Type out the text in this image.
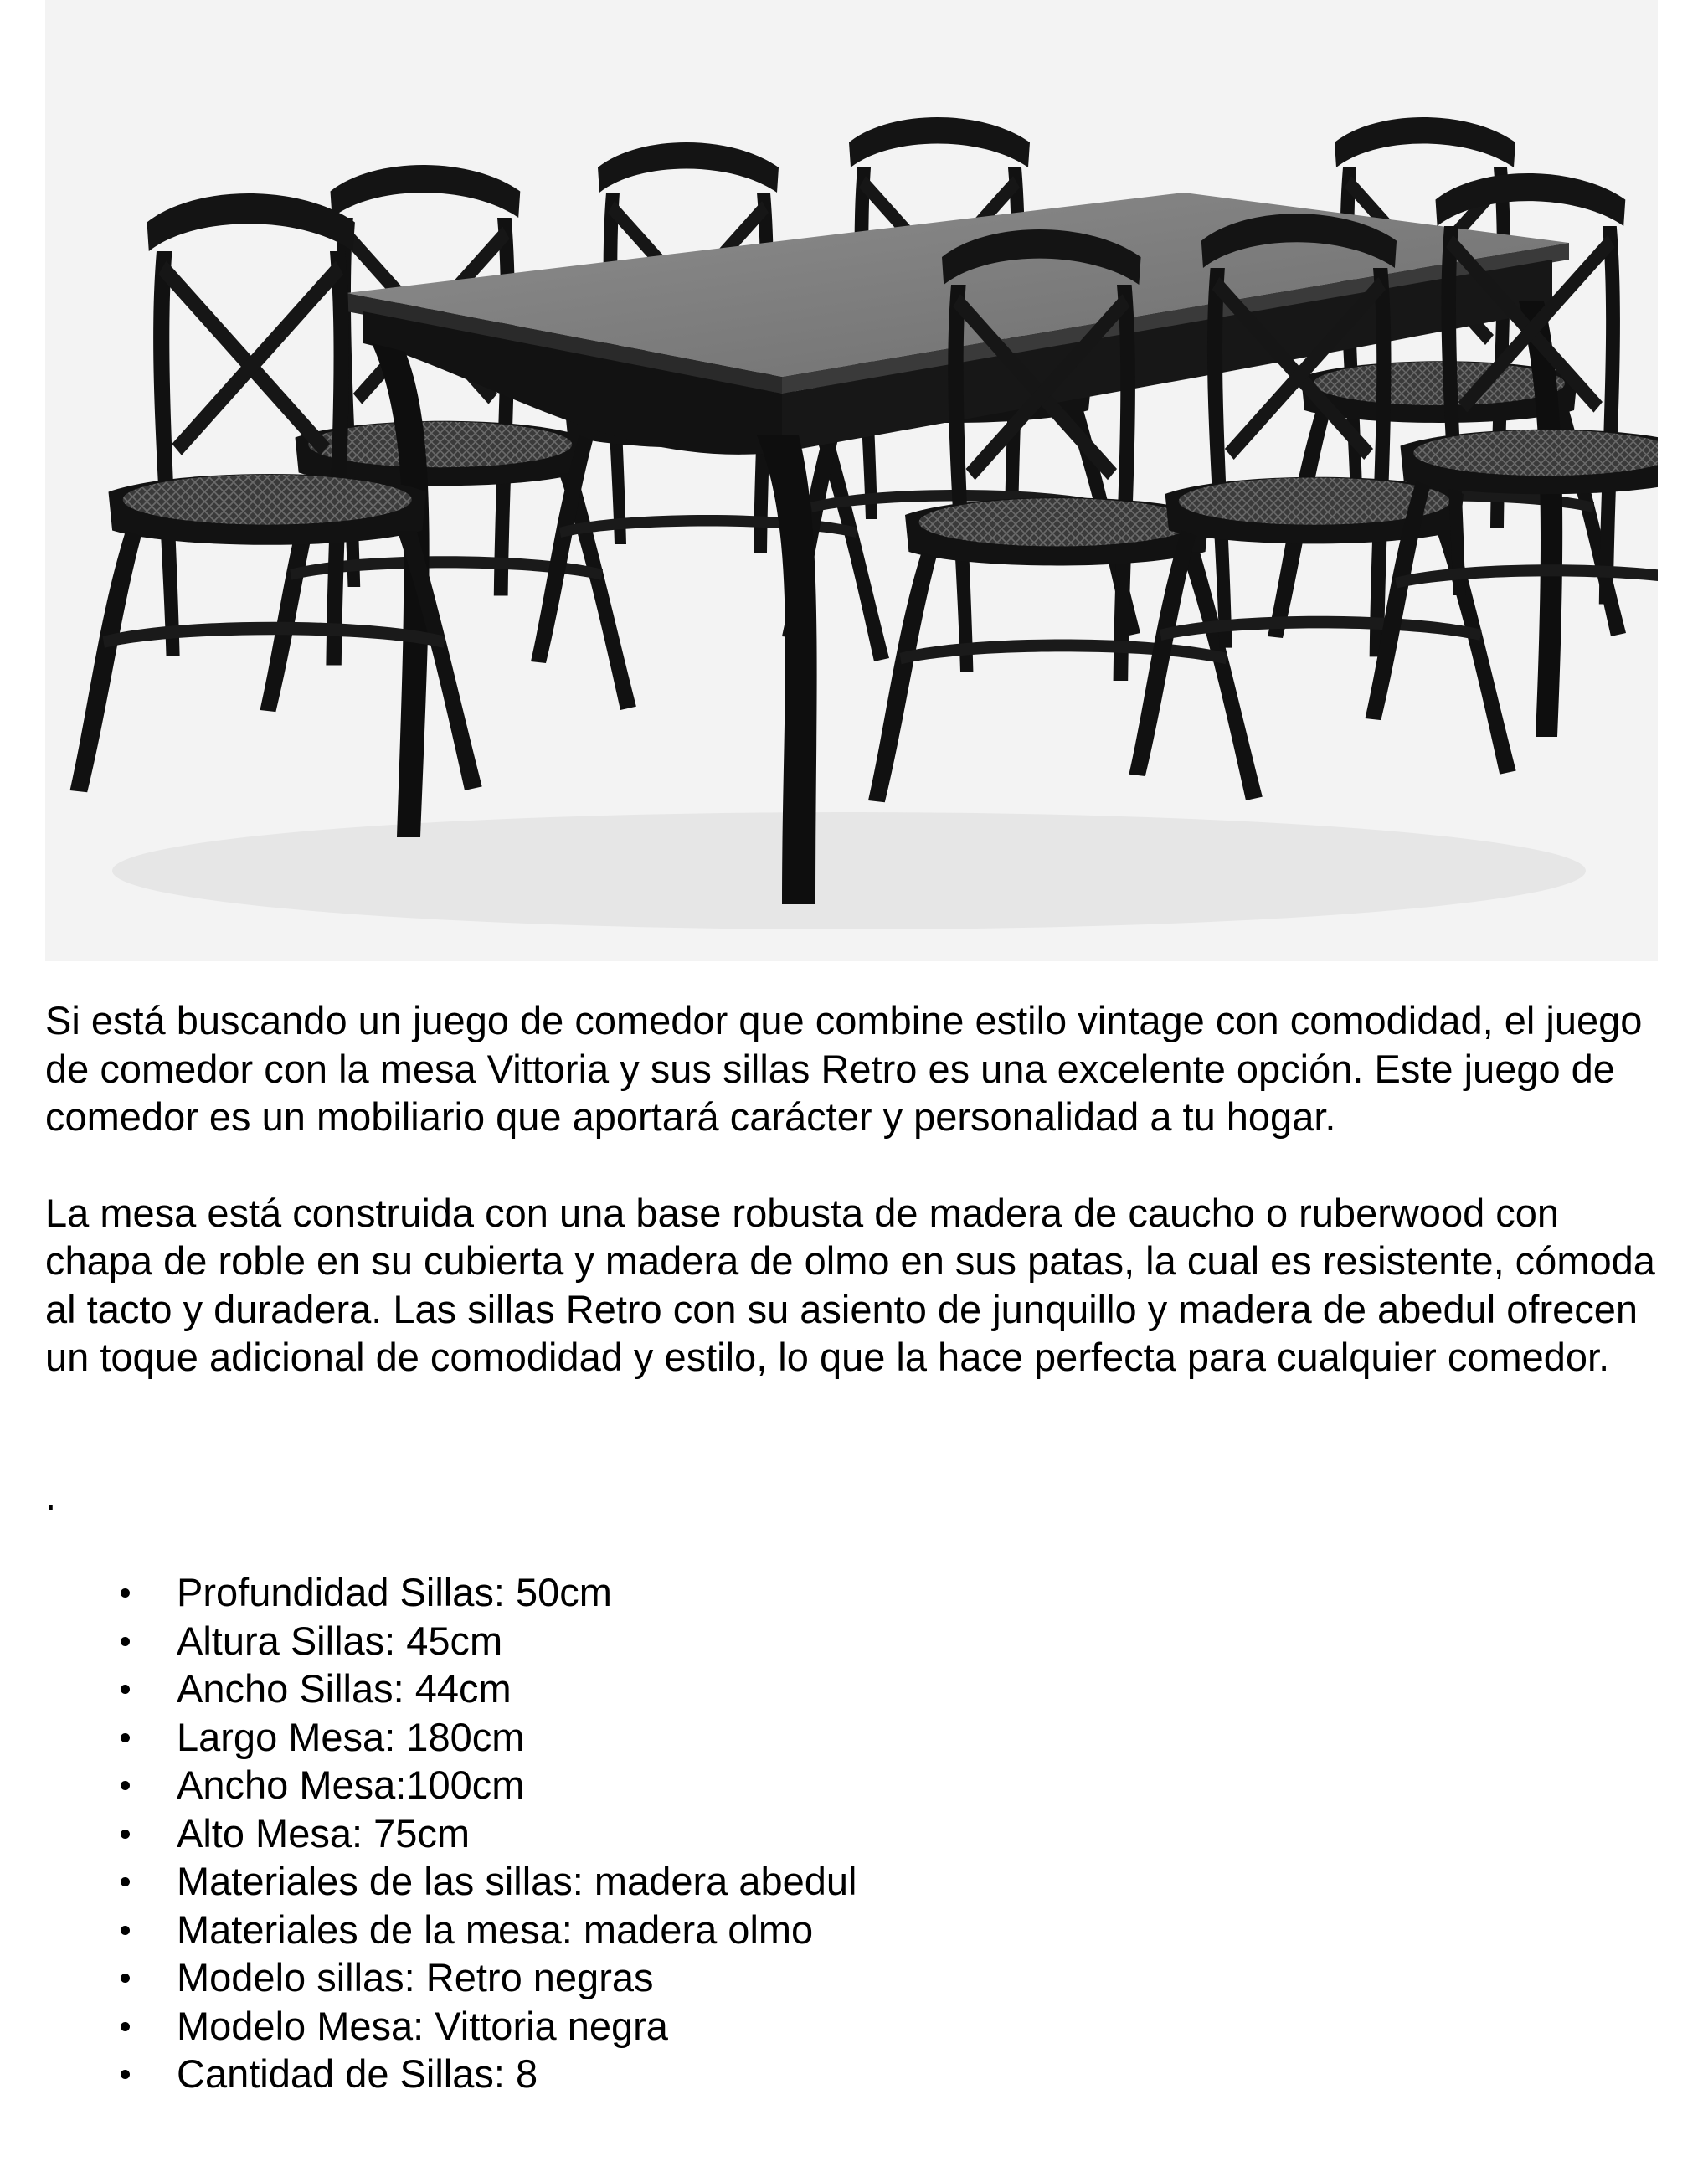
Si está buscando un juego de comedor que combine estilo vintage con comodidad, el juego de comedor con la mesa Vittoria y sus sillas Retro es una excelente opción. Este juego de comedor es un mobiliario que aportará carácter y personalidad a tu hogar.

La mesa está construida con una base robusta de madera de caucho o ruberwood con chapa de roble en su cubierta y madera de olmo en sus patas, la cual es resistente, cómoda al tacto y duradera. Las sillas Retro con su asiento de junquillo y madera de abedul ofrecen un toque adicional de comodidad y estilo, lo que la hace perfecta para cualquier comedor.

.

Profundidad Sillas: 50cm
Altura Sillas: 45cm
Ancho Sillas: 44cm
Largo Mesa: 180cm
Ancho Mesa:100cm
Alto Mesa: 75cm
Materiales de las sillas: madera abedul
Materiales de la mesa: madera olmo
Modelo sillas: Retro negras
Modelo Mesa: Vittoria negra
Cantidad de Sillas: 8
